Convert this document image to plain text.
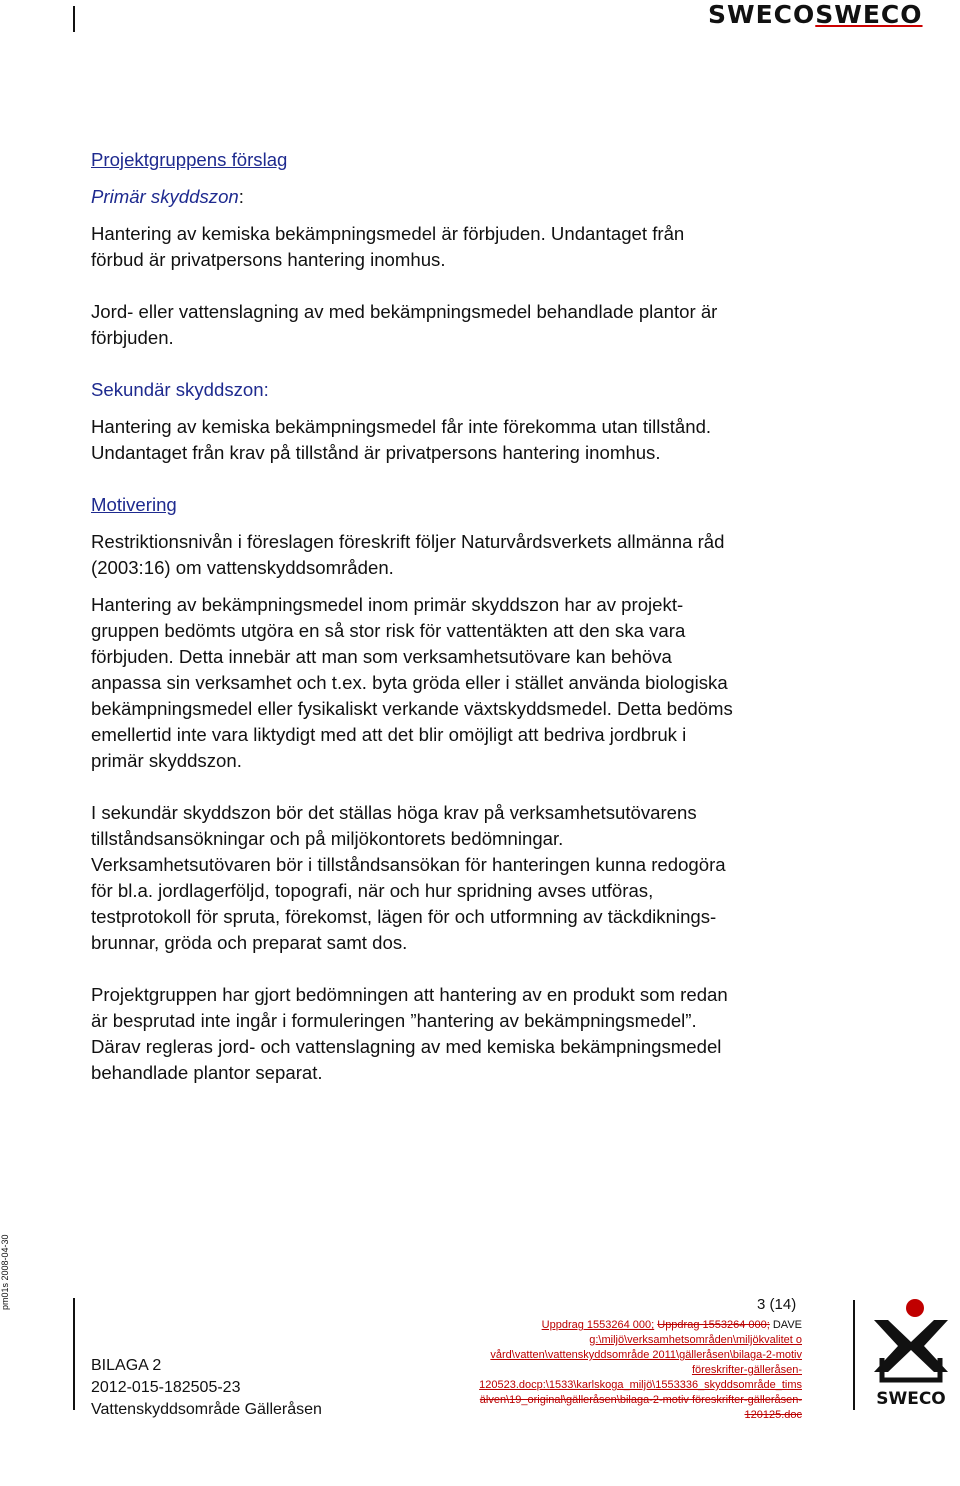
SWECOSWECO

Projektgruppens förslag

Primär skyddszon:

Hantering av kemiska bekämpningsmedel är förbjuden. Undantaget från
förbud är privatpersons hantering inomhus.

Jord- eller vattenslagning av med bekämpningsmedel behandlade plantor är
förbjuden.

Sekundär skyddszon:

Hantering av kemiska bekämpningsmedel får inte förekomma utan tillstånd.
Undantaget från krav på tillstånd är privatpersons hantering inomhus.

Motivering

Restriktionsnivån i föreslagen föreskrift följer Naturvårdsverkets allmänna råd
(2003:16) om vattenskyddsområden.

Hantering av bekämpningsmedel inom primär skyddszon har av projekt-
gruppen bedömts utgöra en så stor risk för vattentäkten att den ska vara
förbjuden. Detta innebär att man som verksamhetsutövare kan behöva
anpassa sin verksamhet och t.ex. byta gröda eller i stället använda biologiska
bekämpningsmedel eller fysikaliskt verkande växtskyddsmedel. Detta bedöms
emellertid inte vara liktydigt med att det blir omöjligt att bedriva jordbruk i
primär skyddszon.

I sekundär skyddszon bör det ställas höga krav på verksamhetsutövarens
tillståndsansökningar och på miljökontorets bedömningar.
Verksamhetsutövaren bör i tillståndsansökan för hanteringen kunna redogöra
för bl.a. jordlagerföljd, topografi, när och hur spridning avses utföras,
testprotokoll för spruta, förekomst, lägen för och utformning av täckdiknings-
brunnar, gröda och preparat samt dos.

Projektgruppen har gjort bedömningen att hantering av en produkt som redan
är besprutad inte ingår i formuleringen ”hantering av bekämpningsmedel”.
Därav regleras jord- och vattenslagning av med kemiska bekämpningsmedel
behandlade plantor separat.

pm01s 2008-04-30	3 (14)
BILAGA 2
2012-015-182505-23
Vattenskyddsområde Gälleråsen
Uppdrag 1553264 000; Uppdrag 1553264 000; DAVE
g:\miljö\verksamhetsområden\miljökvalitet o
vård\vatten\vattenskyddsområde 2011\gälleråsen\bilaga-2-motiv
föreskrifter-gälleråsen-
120523.docp:\1533\karlskoga_miljö\1553336_skyddsområde_tims
älven\19_original\gälleråsen\bilaga-2-motiv föreskrifter-gälleråsen-
120125.doc
SWECO
